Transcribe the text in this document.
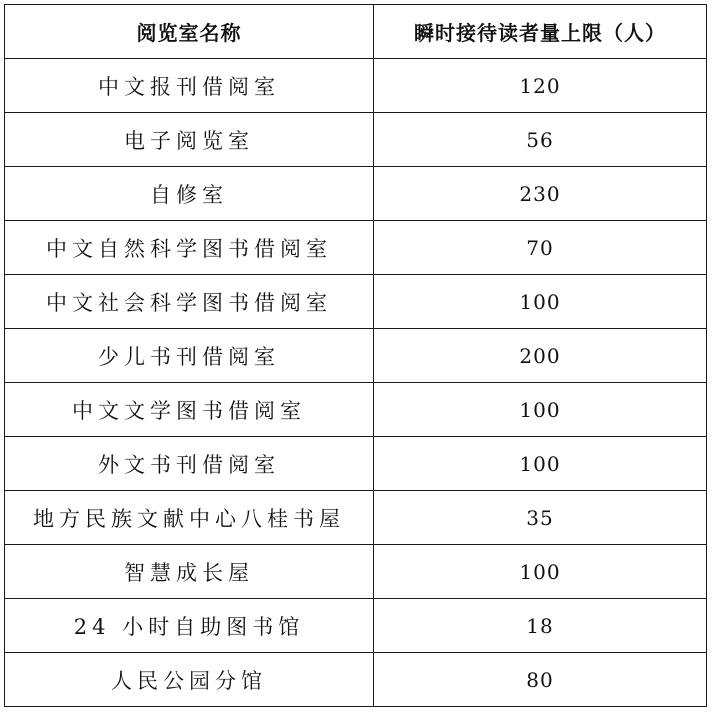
阅览室名称	瞬时接待读者量上限（人）
中文报刊借阅室	120
电子阅览室	56
自修室	230
中文自然科学图书借阅室	70
中文社会科学图书借阅室	100
少儿书刊借阅室	200
中文文学图书借阅室	100
外文书刊借阅室	100
地方民族文献中心八桂书屋	35
智慧成长屋	100
24 小时自助图书馆	18
人民公园分馆	80
